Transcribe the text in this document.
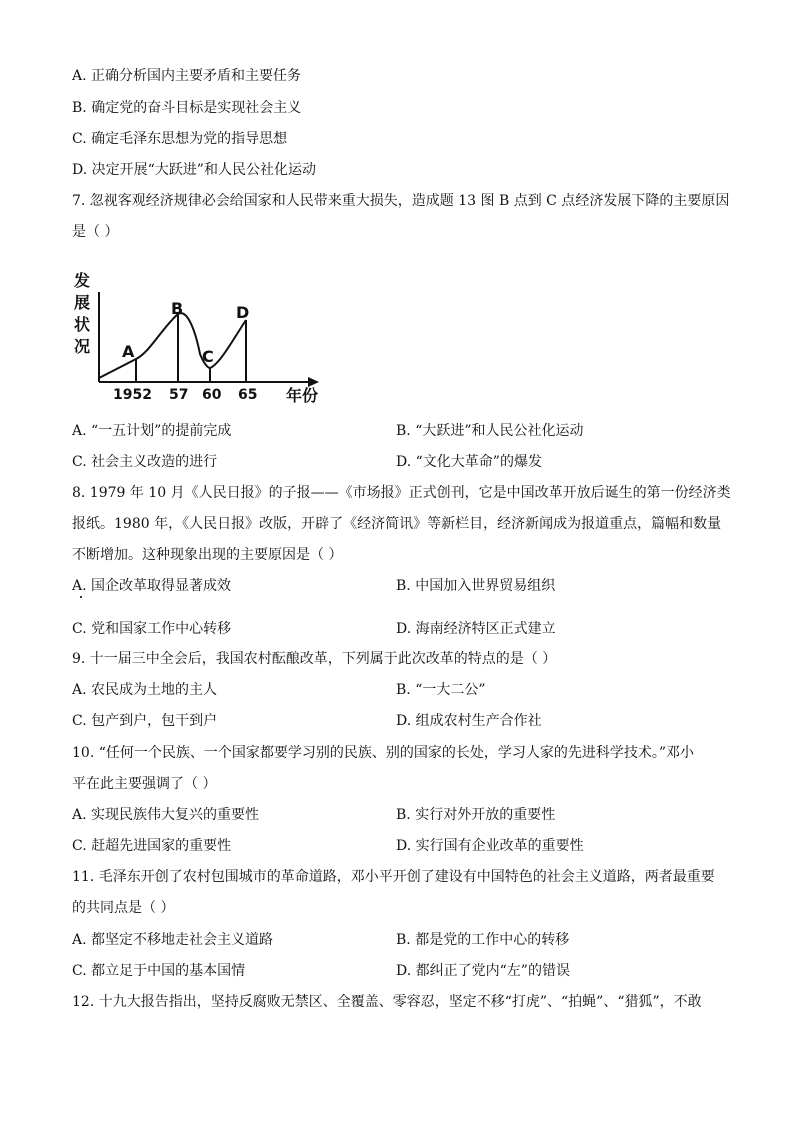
A. 正确分析国内主要矛盾和主要任务
B. 确定党的奋斗目标是实现社会主义
C. 确定毛泽东思想为党的指导思想
D. 决定开展“大跃进”和人民公社化运动
7. 忽视客观经济规律必会给国家和人民带来重大损失，造成题 13 图 B 点到 C 点经济发展下降的主要原因
是（ ）
发展状况 A
B
C
D
1952 57 60 65 年份
A. “一五计划”的提前完成	B. “大跃进”和人民公社化运动
C. 社会主义改造的进行	D. “文化大革命”的爆发
8. 1979 年 10 月《人民日报》的子报——《市场报》正式创刊，它是中国改革开放后诞生的第一份经济类
报纸。1980 年，《人民日报》改版，开辟了《经济简讯》等新栏目，经济新闻成为报道重点，篇幅和数量
不断增加。这种现象出现的主要原因是（ ）
A. 国企改革取得显著成效	B. 中国加入世界贸易组织
C. 党和国家工作中心转移	D. 海南经济特区正式建立
9. 十一届三中全会后，我国农村酝酿改革，下列属于此次改革的特点的是（ ）
A. 农民成为土地的主人	B. “一大二公”
C. 包产到户，包干到户	D. 组成农村生产合作社
10. “任何一个民族、一个国家都要学习别的民族、别的国家的长处，学习人家的先进科学技术。”邓小
平在此主要强调了（ ）
A. 实现民族伟大复兴的重要性	B. 实行对外开放的重要性
C. 赶超先进国家的重要性	D. 实行国有企业改革的重要性
11. 毛泽东开创了农村包围城市的革命道路，邓小平开创了建设有中国特色的社会主义道路，两者最重要
的共同点是（ ）
A. 都坚定不移地走社会主义道路	B. 都是党的工作中心的转移
C. 都立足于中国的基本国情	D. 都纠正了党内“左”的错误
12. 十九大报告指出，坚持反腐败无禁区、全覆盖、零容忍，坚定不移“打虎”、“拍蝇”、“猎狐”，不敢
